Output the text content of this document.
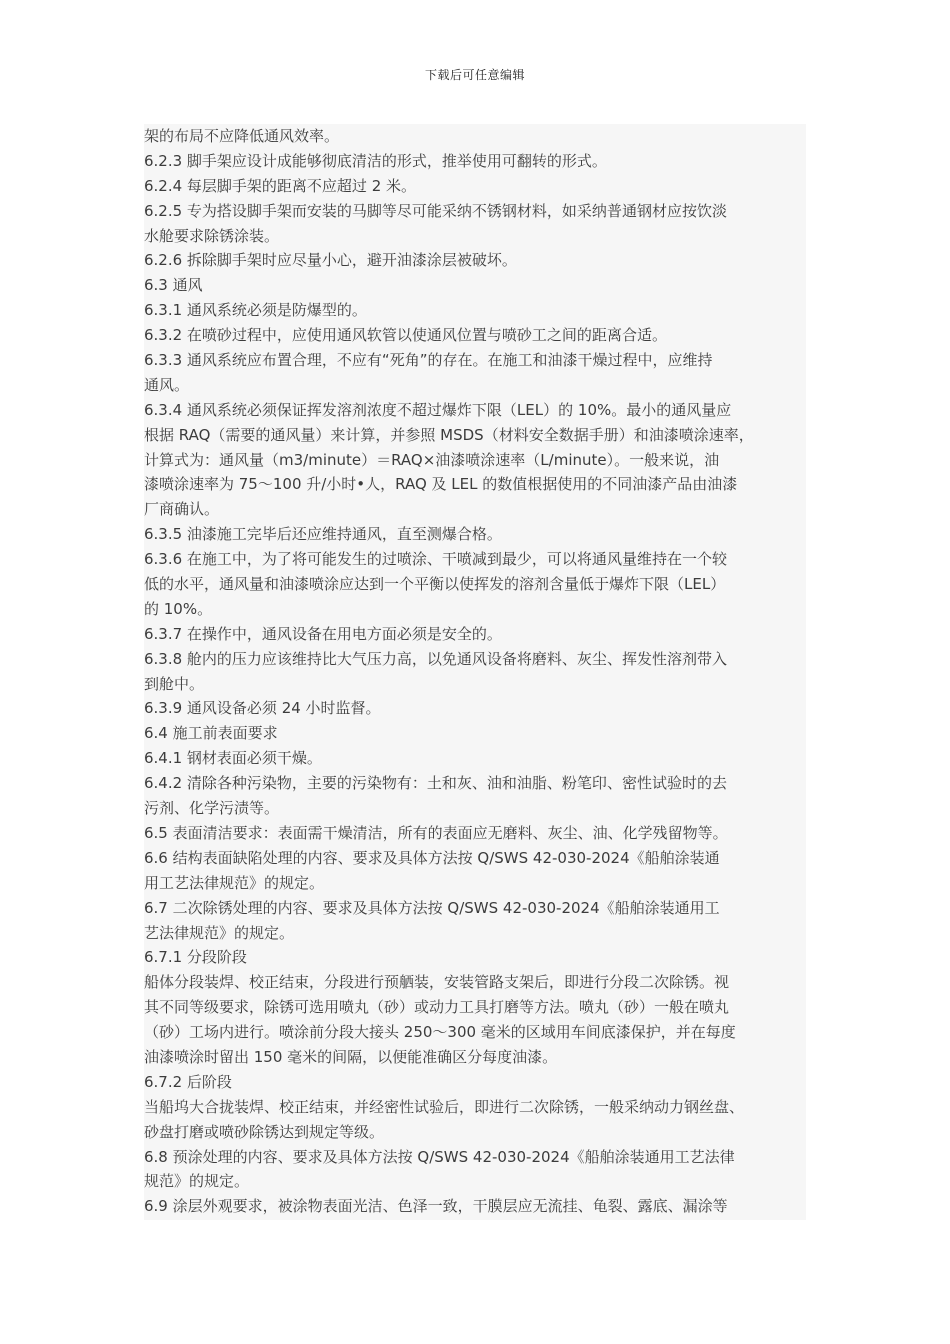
下载后可任意编辑
架的布局不应降低通风效率。
6.2.3 脚手架应设计成能够彻底清洁的形式，推举使用可翻转的形式。
6.2.4 每层脚手架的距离不应超过 2 米。
6.2.5 专为搭设脚手架而安装的马脚等尽可能采纳不锈钢材料，如采纳普通钢材应按饮淡
水舱要求除锈涂装。
6.2.6 拆除脚手架时应尽量小心，避开油漆涂层被破坏。
6.3 通风
6.3.1 通风系统必须是防爆型的。
6.3.2 在喷砂过程中，应使用通风软管以使通风位置与喷砂工之间的距离合适。
6.3.3 通风系统应布置合理，不应有“死角”的存在。在施工和油漆干燥过程中，应维持
通风。
6.3.4 通风系统必须保证挥发溶剂浓度不超过爆炸下限（LEL）的 10%。最小的通风量应
根据 RAQ（需要的通风量）来计算，并参照 MSDS（材料安全数据手册）和油漆喷涂速率，
计算式为：通风量（m3/minute）＝RAQ×油漆喷涂速率（L/minute）。一般来说，油
漆喷涂速率为 75～100 升/小时•人，RAQ 及 LEL 的数值根据使用的不同油漆产品由油漆
厂商确认。
6.3.5 油漆施工完毕后还应维持通风，直至测爆合格。
6.3.6 在施工中，为了将可能发生的过喷涂、干喷减到最少，可以将通风量维持在一个较
低的水平，通风量和油漆喷涂应达到一个平衡以使挥发的溶剂含量低于爆炸下限（LEL）
的 10%。
6.3.7 在操作中，通风设备在用电方面必须是安全的。
6.3.8 舱内的压力应该维持比大气压力高，以免通风设备将磨料、灰尘、挥发性溶剂带入
到舱中。
6.3.9 通风设备必须 24 小时监督。
6.4 施工前表面要求
6.4.1 钢材表面必须干燥。
6.4.2 清除各种污染物，主要的污染物有：土和灰、油和油脂、粉笔印、密性试验时的去
污剂、化学污渍等。
6.5 表面清洁要求：表面需干燥清洁，所有的表面应无磨料、灰尘、油、化学残留物等。
6.6 结构表面缺陷处理的内容、要求及具体方法按 Q/SWS 42-030-2024《船舶涂装通
用工艺法律规范》的规定。
6.7 二次除锈处理的内容、要求及具体方法按 Q/SWS 42-030-2024《船舶涂装通用工
艺法律规范》的规定。
6.7.1 分段阶段
船体分段装焊、校正结束，分段进行预舾装，安装管路支架后，即进行分段二次除锈。视
其不同等级要求，除锈可选用喷丸（砂）或动力工具打磨等方法。喷丸（砂）一般在喷丸
（砂）工场内进行。喷涂前分段大接头 250～300 毫米的区域用车间底漆保护，并在每度
油漆喷涂时留出 150 毫米的间隔，以便能准确区分每度油漆。
6.7.2 后阶段
当船坞大合拢装焊、校正结束，并经密性试验后，即进行二次除锈，一般采纳动力钢丝盘、
砂盘打磨或喷砂除锈达到规定等级。
6.8 预涂处理的内容、要求及具体方法按 Q/SWS 42-030-2024《船舶涂装通用工艺法律
规范》的规定。
6.9 涂层外观要求，被涂物表面光洁、色泽一致，干膜层应无流挂、龟裂、露底、漏涂等
